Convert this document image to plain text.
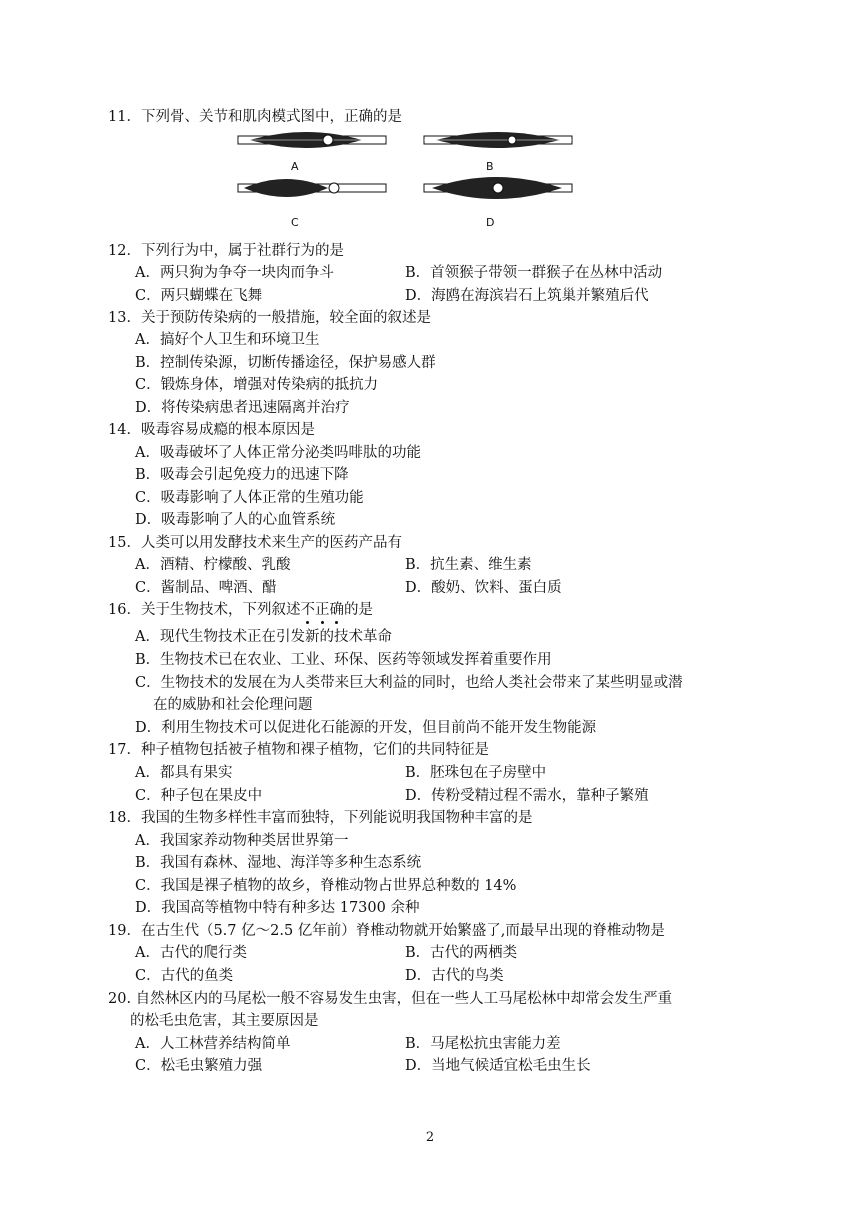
11．下列骨、关节和肌肉模式图中，正确的是
A	B
C	D
12．下列行为中，属于社群行为的是
A．两只狗为争夺一块肉而争斗	B．首领猴子带领一群猴子在丛林中活动
C．两只蝴蝶在飞舞	D．海鸥在海滨岩石上筑巢并繁殖后代
13．关于预防传染病的一般措施，较全面的叙述是
A．搞好个人卫生和环境卫生
B．控制传染源，切断传播途径，保护易感人群
C．锻炼身体，增强对传染病的抵抗力
D．将传染病患者迅速隔离并治疗
14．吸毒容易成瘾的根本原因是
A．吸毒破坏了人体正常分泌类吗啡肽的功能
B．吸毒会引起免疫力的迅速下降
C．吸毒影响了人体正常的生殖功能
D．吸毒影响了人的心血管系统
15．人类可以用发酵技术来生产的医药产品有
A．酒精、柠檬酸、乳酸	B．抗生素、维生素
C．酱制品、啤酒、醋	D．酸奶、饮料、蛋白质
16．关于生物技术，下列叙述不正确的是
A．现代生物技术正在引发新的技术革命
B．生物技术已在农业、工业、环保、医药等领域发挥着重要作用
C．生物技术的发展在为人类带来巨大利益的同时，也给人类社会带来了某些明显或潜
在的威胁和社会伦理问题
D．利用生物技术可以促进化石能源的开发，但目前尚不能开发生物能源
17．种子植物包括被子植物和裸子植物，它们的共同特征是
A．都具有果实	B．胚珠包在子房壁中
C．种子包在果皮中	D．传粉受精过程不需水，靠种子繁殖
18．我国的生物多样性丰富而独特，下列能说明我国物种丰富的是
A．我国家养动物种类居世界第一
B．我国有森林、湿地、海洋等多种生态系统
C．我国是裸子植物的故乡，脊椎动物占世界总种数的 14%
D．我国高等植物中特有种多达 17300 余种
19．在古生代（5.7 亿～2.5 亿年前）脊椎动物就开始繁盛了,而最早出现的脊椎动物是
A．古代的爬行类	B．古代的两栖类
C．古代的鱼类	D．古代的鸟类
20. 自然林区内的马尾松一般不容易发生虫害，但在一些人工马尾松林中却常会发生严重
的松毛虫危害，其主要原因是
A．人工林营养结构简单	B．马尾松抗虫害能力差
C．松毛虫繁殖力强	D．当地气候适宜松毛虫生长
2
